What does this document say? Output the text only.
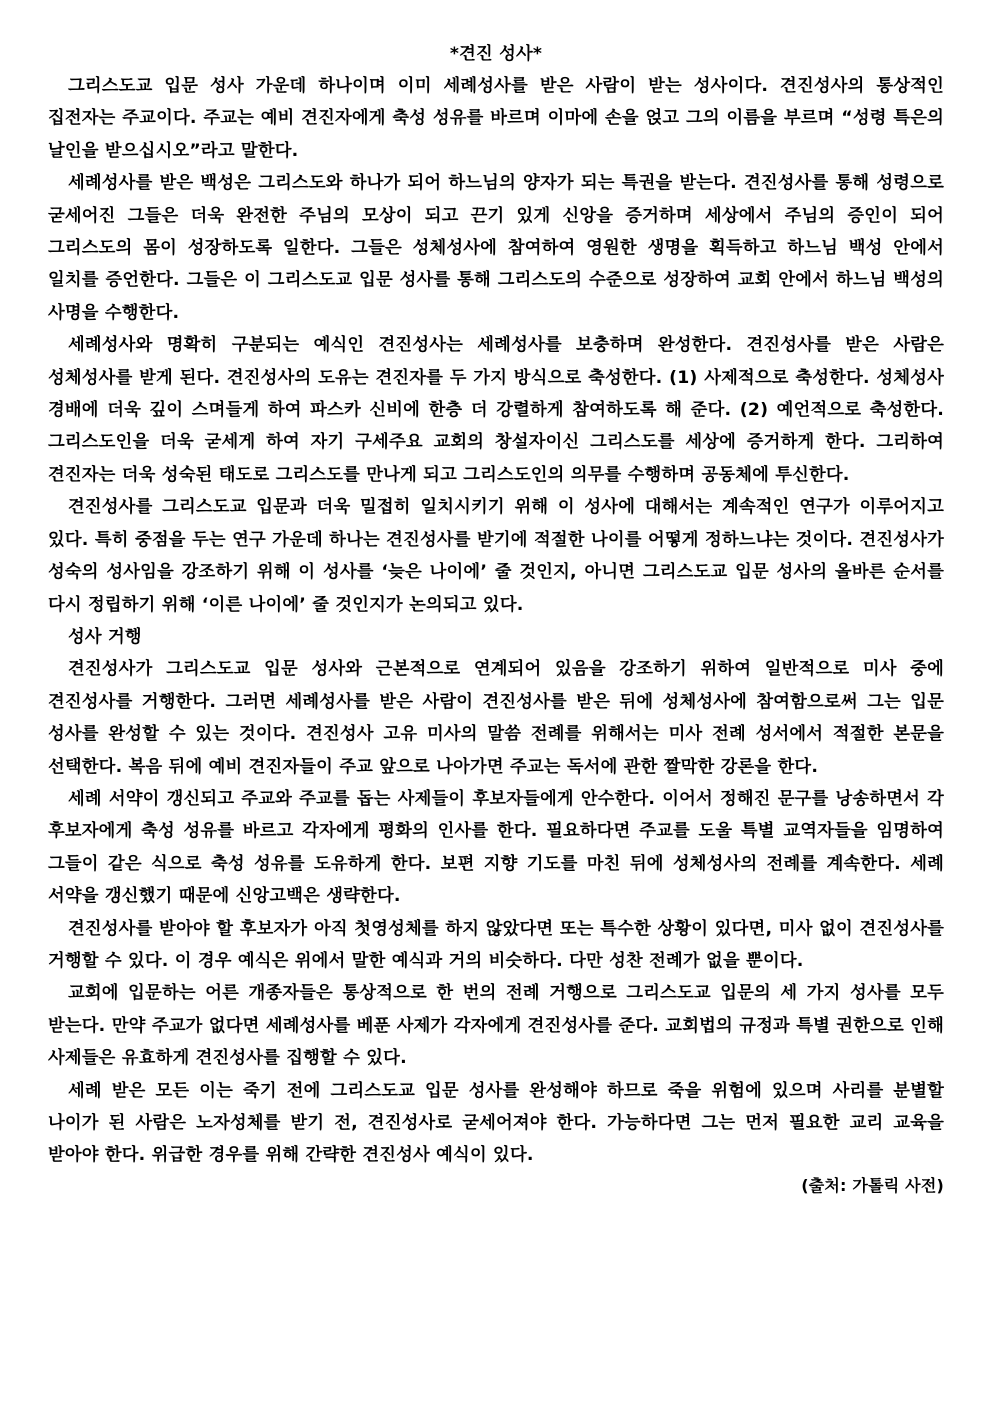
*견진 성사*

그리스도교 입문 성사 가운데 하나이며 이미 세례성사를 받은 사람이 받는 성사이다. 견진성사의 통상적인 집전자는 주교이다. 주교는 예비 견진자에게 축성 성유를 바르며 이마에 손을 얹고 그의 이름을 부르며 “성령 특은의 날인을 받으십시오”라고 말한다.

세례성사를 받은 백성은 그리스도와 하나가 되어 하느님의 양자가 되는 특권을 받는다. 견진성사를 통해 성령으로 굳세어진 그들은 더욱 완전한 주님의 모상이 되고 끈기 있게 신앙을 증거하며 세상에서 주님의 증인이 되어 그리스도의 몸이 성장하도록 일한다. 그들은 성체성사에 참여하여 영원한 생명을 획득하고 하느님 백성 안에서 일치를 증언한다. 그들은 이 그리스도교 입문 성사를 통해 그리스도의 수준으로 성장하여 교회 안에서 하느님 백성의 사명을 수행한다.

세례성사와 명확히 구분되는 예식인 견진성사는 세례성사를 보충하며 완성한다. 견진성사를 받은 사람은 성체성사를 받게 된다. 견진성사의 도유는 견진자를 두 가지 방식으로 축성한다. (1) 사제적으로 축성한다. 성체성사 경배에 더욱 깊이 스며들게 하여 파스카 신비에 한층 더 강렬하게 참여하도록 해 준다. (2) 예언적으로 축성한다. 그리스도인을 더욱 굳세게 하여 자기 구세주요 교회의 창설자이신 그리스도를 세상에 증거하게 한다. 그리하여 견진자는 더욱 성숙된 태도로 그리스도를 만나게 되고 그리스도인의 의무를 수행하며 공동체에 투신한다.

견진성사를 그리스도교 입문과 더욱 밀접히 일치시키기 위해 이 성사에 대해서는 계속적인 연구가 이루어지고 있다. 특히 중점을 두는 연구 가운데 하나는 견진성사를 받기에 적절한 나이를 어떻게 정하느냐는 것이다. 견진성사가 성숙의 성사임을 강조하기 위해 이 성사를 ‘늦은 나이에’ 줄 것인지, 아니면 그리스도교 입문 성사의 올바른 순서를 다시 정립하기 위해 ‘이른 나이에’ 줄 것인지가 논의되고 있다.

성사 거행

견진성사가 그리스도교 입문 성사와 근본적으로 연계되어 있음을 강조하기 위하여 일반적으로 미사 중에 견진성사를 거행한다. 그러면 세례성사를 받은 사람이 견진성사를 받은 뒤에 성체성사에 참여함으로써 그는 입문 성사를 완성할 수 있는 것이다. 견진성사 고유 미사의 말씀 전례를 위해서는 미사 전례 성서에서 적절한 본문을 선택한다. 복음 뒤에 예비 견진자들이 주교 앞으로 나아가면 주교는 독서에 관한 짤막한 강론을 한다.

세례 서약이 갱신되고 주교와 주교를 돕는 사제들이 후보자들에게 안수한다. 이어서 정해진 문구를 낭송하면서 각 후보자에게 축성 성유를 바르고 각자에게 평화의 인사를 한다. 필요하다면 주교를 도울 특별 교역자들을 임명하여 그들이 같은 식으로 축성 성유를 도유하게 한다. 보편 지향 기도를 마친 뒤에 성체성사의 전례를 계속한다. 세례 서약을 갱신했기 때문에 신앙고백은 생략한다.

견진성사를 받아야 할 후보자가 아직 첫영성체를 하지 않았다면 또는 특수한 상황이 있다면, 미사 없이 견진성사를 거행할 수 있다. 이 경우 예식은 위에서 말한 예식과 거의 비슷하다. 다만 성찬 전례가 없을 뿐이다.

교회에 입문하는 어른 개종자들은 통상적으로 한 번의 전례 거행으로 그리스도교 입문의 세 가지 성사를 모두 받는다. 만약 주교가 없다면 세례성사를 베푼 사제가 각자에게 견진성사를 준다. 교회법의 규정과 특별 권한으로 인해 사제들은 유효하게 견진성사를 집행할 수 있다.

세례 받은 모든 이는 죽기 전에 그리스도교 입문 성사를 완성해야 하므로 죽을 위험에 있으며 사리를 분별할 나이가 된 사람은 노자성체를 받기 전, 견진성사로 굳세어져야 한다. 가능하다면 그는 먼저 필요한 교리 교육을 받아야 한다. 위급한 경우를 위해 간략한 견진성사 예식이 있다.

(출처: 가톨릭 사전)
